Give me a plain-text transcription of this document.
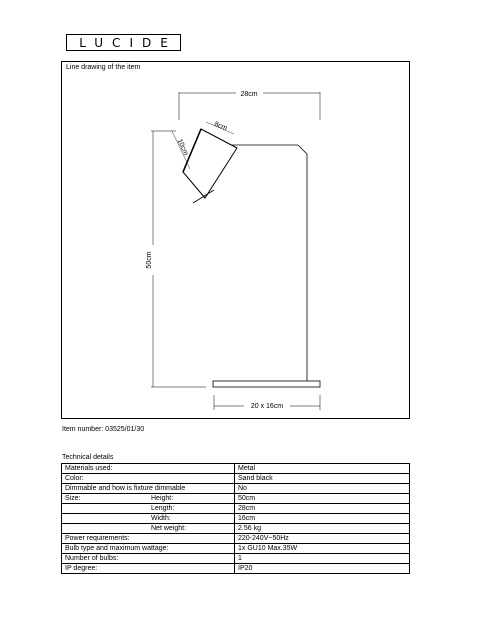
LUCIDE
Line drawing of the item
28cm
50cm
20 x 16cm
8cm
10cm
Item number: 03525/01/30
Technical details
Materials used:	Metal

Color:	Sand black

Dimmable and how is fixture dimmable	No

Size: Height:	50cm

Length:	28cm

Width:	16cm

Net weight:	2.56 kg

Power requirements:	220-240V~50Hz

Bulb type and maximum wattage:	1x GU10 Max.35W

Number of bulbs:	1

IP degree:	IP20
